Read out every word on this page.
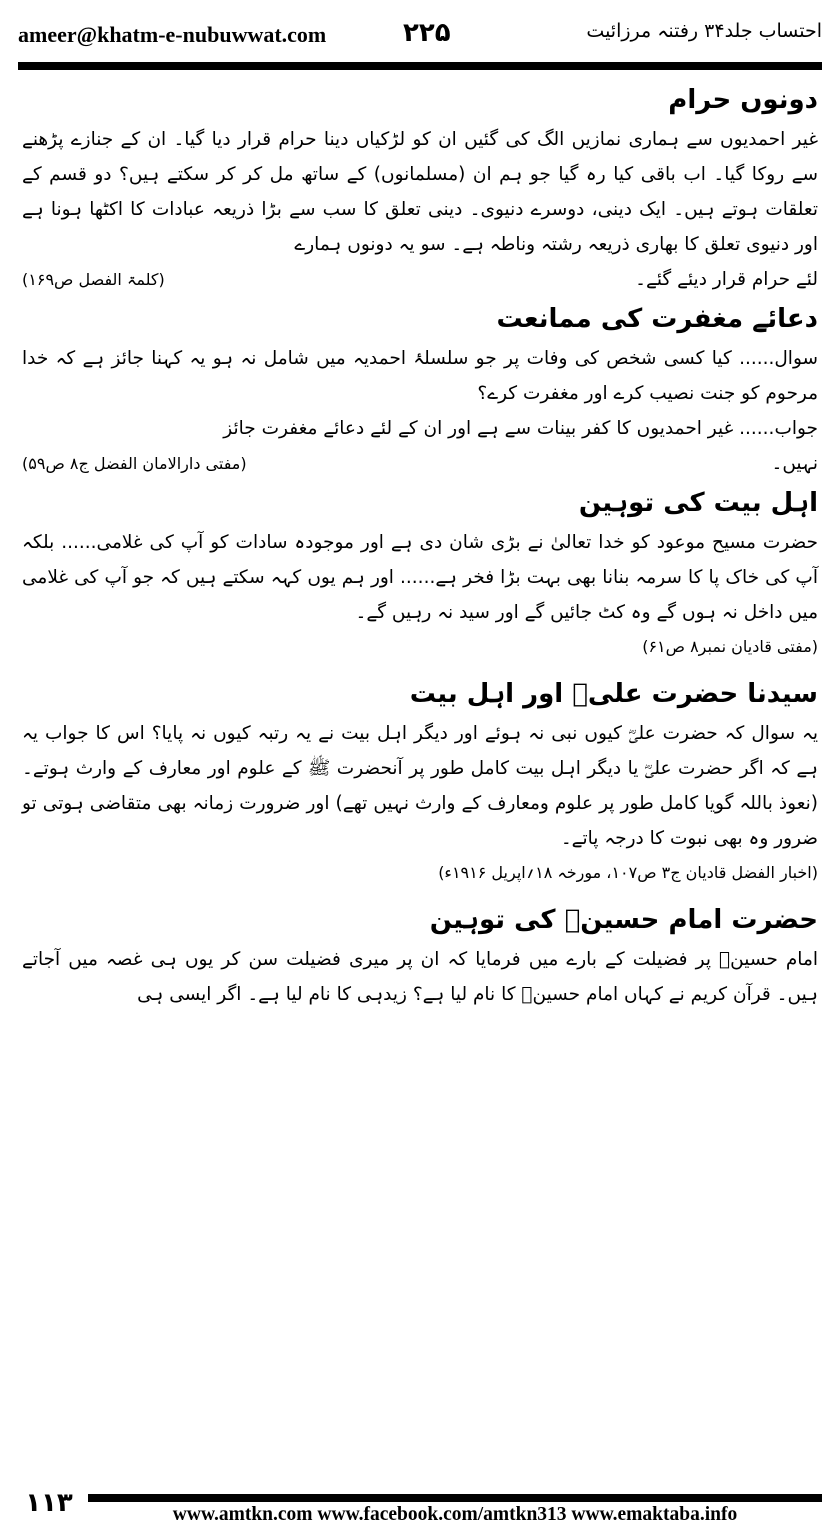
ameer@khatm-e-nubuwwat.com	۲۲۵	احتساب جلد۳۴ رفتنہ مرزائیت
دونوں حرام

غیر احمدیوں سے ہماری نمازیں الگ کی گئیں ان کو لڑکیاں دینا حرام قرار دیا گیا۔ ان کے جنازے پڑھنے سے روکا گیا۔ اب باقی کیا رہ گیا جو ہم ان (مسلمانوں) کے ساتھ مل کر کر سکتے ہیں؟ دو قسم کے تعلقات ہوتے ہیں۔ ایک دینی، دوسرے دنیوی۔ دینی تعلق کا سب سے بڑا ذریعہ عبادات کا اکٹھا ہونا ہے اور دنیوی تعلق کا بھاری ذریعہ رشتہ وناطہ ہے۔ سو یہ دونوں ہمارے

لئے حرام قرار دیئے گئے۔
(کلمۃ الفصل ص۱۶۹)
دعائے مغفرت کی ممانعت

سوال...... کیا کسی شخص کی وفات پر جو سلسلۂ احمدیہ میں شامل نہ ہو یہ کہنا جائز ہے کہ خدا مرحوم کو جنت نصیب کرے اور مغفرت کرے؟

جواب...... غیر احمدیوں کا کفر بینات سے ہے اور ان کے لئے دعائے مغفرت جائز

نہیں۔
(مفتی دارالامان الفضل ج۸ ص۵۹)
اہل بیت کی توہین

حضرت مسیح موعود کو خدا تعالیٰ نے بڑی شان دی ہے اور موجودہ سادات کو آپ کی غلامی...... بلکہ آپ کی خاک پا کا سرمہ بنانا بھی بہت بڑا فخر ہے...... اور ہم یوں کہہ سکتے ہیں کہ جو آپ کی غلامی میں داخل نہ ہوں گے وہ کٹ جائیں گے اور سید نہ رہیں گے۔

(مفتی قادیان نمبر۸ ص۶۱)

سیدنا حضرت علیؓ اور اہل بیت

یہ سوال کہ حضرت علیؓ کیوں نبی نہ ہوئے اور دیگر اہل بیت نے یہ رتبہ کیوں نہ پایا؟ اس کا جواب یہ ہے کہ اگر حضرت علیؓ یا دیگر اہل بیت کامل طور پر آنحضرت ﷺ کے علوم اور معارف کے وارث ہوتے۔ (نعوذ باللہ گویا کامل طور پر علوم ومعارف کے وارث نہیں تھے) اور ضرورت زمانہ بھی متقاضی ہوتی تو ضرور وہ بھی نبوت کا درجہ پاتے۔

(اخبار الفضل قادیان ج۳ ص۱۰۷، مورخہ ۱۸؍اپریل ۱۹۱۶ء)

حضرت امام حسینؓ کی توہین

امام حسینؓ پر فضیلت کے بارے میں فرمایا کہ ان پر میری فضیلت سن کر یوں ہی غصہ میں آجاتے ہیں۔ قرآن کریم نے کہاں امام حسینؓ کا نام لیا ہے؟ زیدہی کا نام لیا ہے۔ اگر ایسی ہی

۱۱۳	www.amtkn.com www.facebook.com/amtkn313 www.emaktaba.info
